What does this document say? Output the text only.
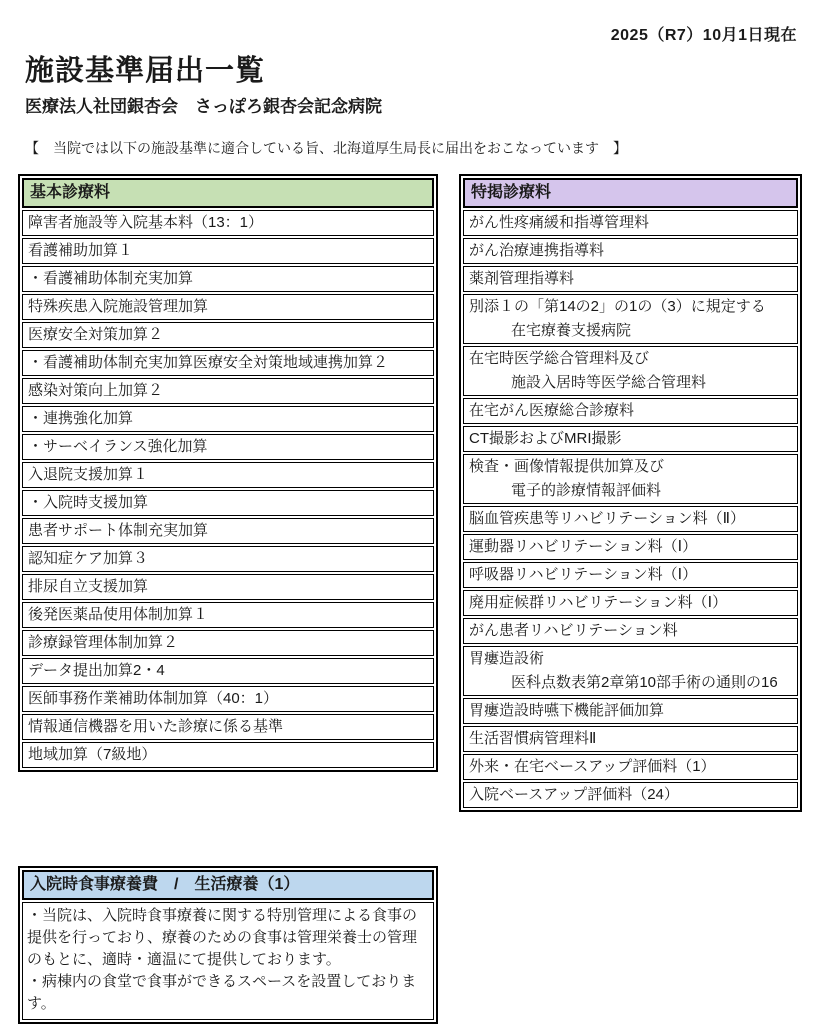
2025（R7）10月1日現在
施設基準届出一覧
医療法人社団銀杏会　さっぽろ銀杏会記念病院
【　当院では以下の施設基準に適合している旨、北海道厚生局長に届出をおこなっています　】
基本診療料
障害者施設等入院基本料（13：1）
看護補助加算１
・看護補助体制充実加算
特殊疾患入院施設管理加算
医療安全対策加算２
・看護補助体制充実加算医療安全対策地域連携加算２
感染対策向上加算２
・連携強化加算
・サーベイランス強化加算
入退院支援加算１
・入院時支援加算
患者サポート体制充実加算
認知症ケア加算３
排尿自立支援加算
後発医薬品使用体制加算１
診療録管理体制加算２
データ提出加算2・4
医師事務作業補助体制加算（40：1）
情報通信機器を用いた診療に係る基準
地域加算（7級地）
特掲診療料
がん性疼痛緩和指導管理料
がん治療連携指導料
薬剤管理指導料
別添１の「第14の2」の1の（3）に規定する
在宅療養支援病院
在宅時医学総合管理料及び
施設入居時等医学総合管理料
在宅がん医療総合診療料
CT撮影およびMRI撮影
検査・画像情報提供加算及び
電子的診療情報評価料
脳血管疾患等リハビリテーション料（Ⅱ）
運動器リハビリテーション料（Ⅰ）
呼吸器リハビリテーション料（Ⅰ）
廃用症候群リハビリテーション料（Ⅰ）
がん患者リハビリテーション料
胃瘻造設術
医科点数表第2章第10部手術の通則の16
胃瘻造設時嚥下機能評価加算
生活習慣病管理料Ⅱ
外来・在宅ベースアップ評価料（1）
入院ベースアップ評価料（24）
入院時食事療養費　/　生活療養（1）
・当院は、入院時食事療養に関する特別管理による食事の提供を行っており、療養のための食事は管理栄養士の管理のもとに、適時・適温にて提供しております。
・病棟内の食堂で食事ができるスペースを設置しております。
